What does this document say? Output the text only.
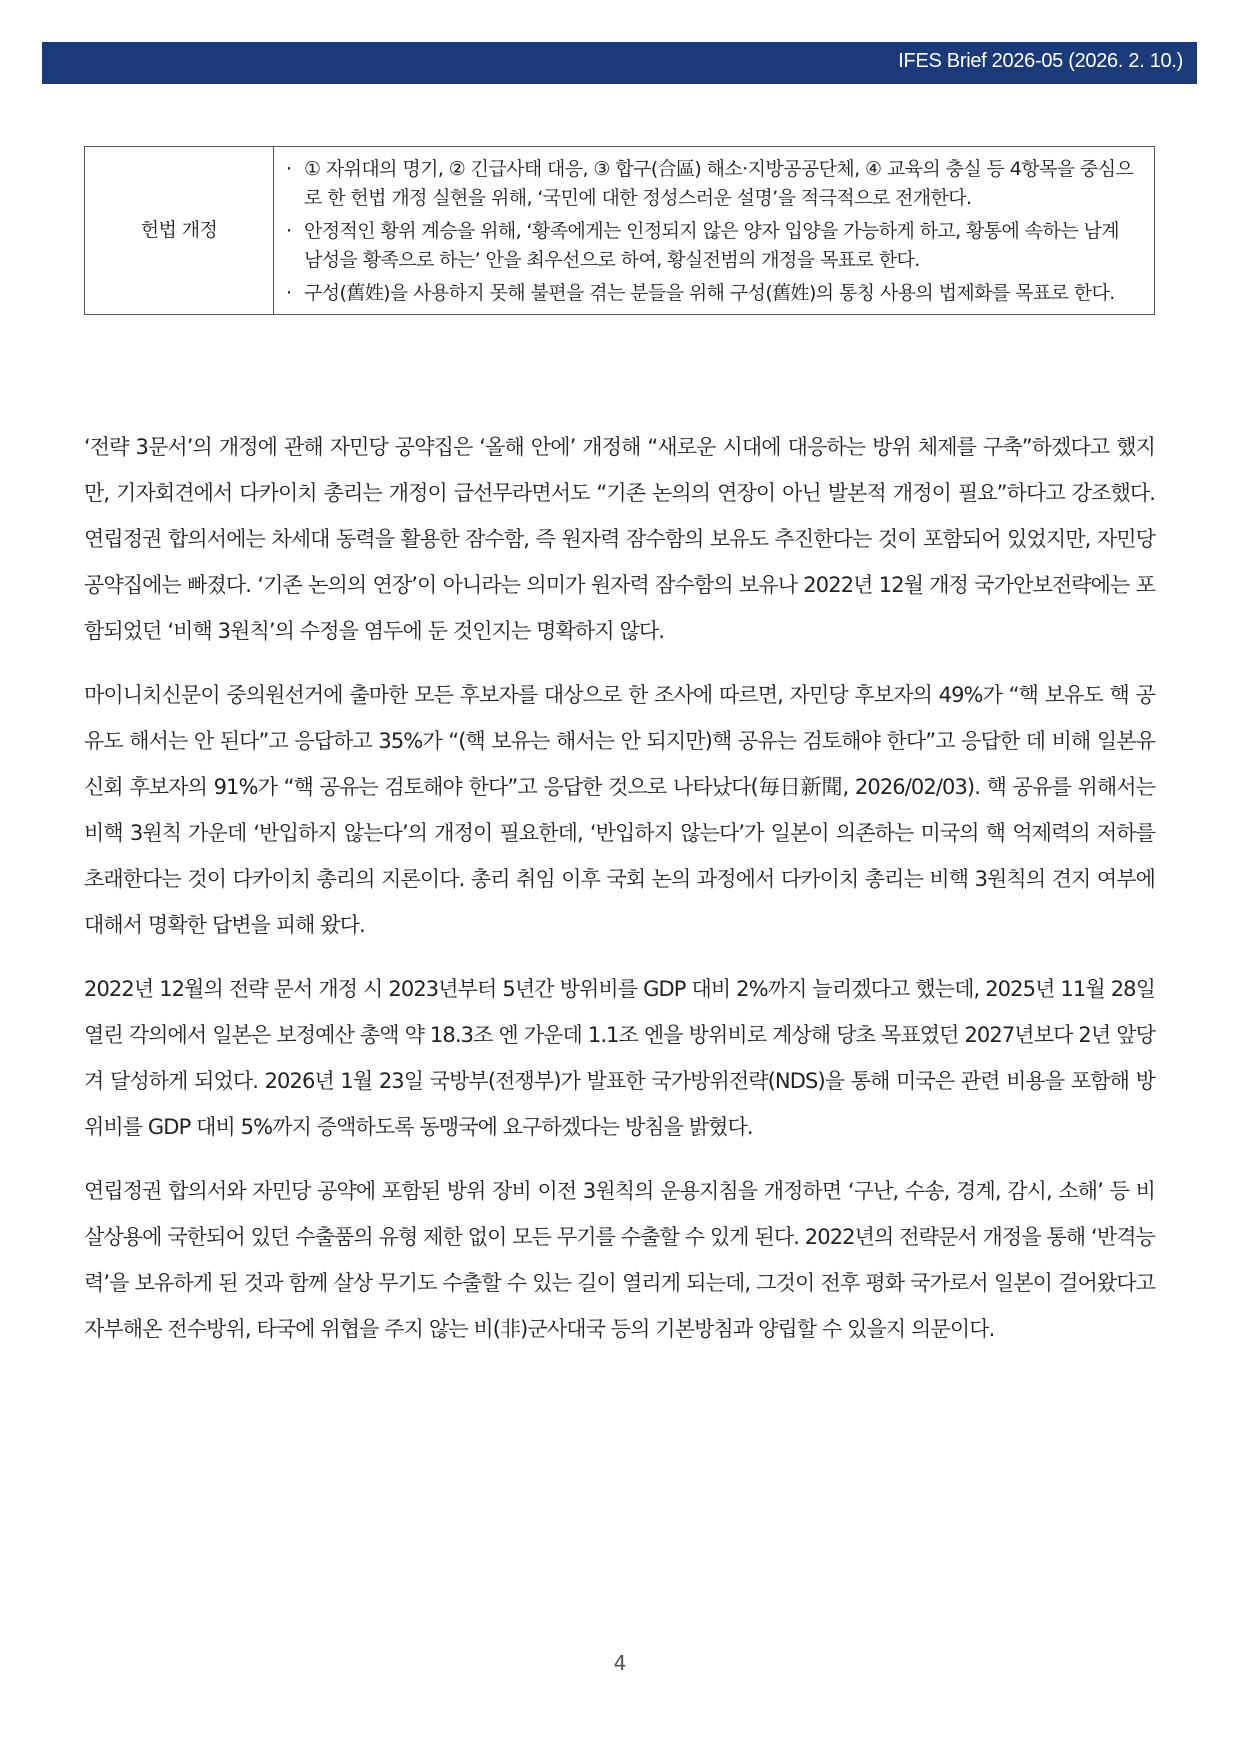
IFES Brief 2026-05 (2026. 2. 10.)
헌법 개정	
· ① 자위대의 명기, ② 긴급사태 대응, ③ 합구(合區) 해소·지방공공단체, ④ 교육의 충실 등 4항목을 중심으로 한 헌법 개정 실현을 위해, ‘국민에 대한 정성스러운 설명’을 적극적으로 전개한다.
· 안정적인 황위 계승을 위해, ‘황족에게는 인정되지 않은 양자 입양을 가능하게 하고, 황통에 속하는 남계 남성을 황족으로 하는’ 안을 최우선으로 하여, 황실전범의 개정을 목표로 한다.
· 구성(舊姓)을 사용하지 못해 불편을 겪는 분들을 위해 구성(舊姓)의 통칭 사용의 법제화를 목표로 한다.

‘전략 3문서’의 개정에 관해 자민당 공약집은 ‘올해 안에’ 개정해 “새로운 시대에 대응하는 방위 체제를 구축”하겠다고 했지만, 기자회견에서 다카이치 총리는 개정이 급선무라면서도 “기존 논의의 연장이 아닌 발본적 개정이 필요”하다고 강조했다. 연립정권 합의서에는 차세대 동력을 활용한 잠수함, 즉 원자력 잠수함의 보유도 추진한다는 것이 포함되어 있었지만, 자민당 공약집에는 빠졌다. ‘기존 논의의 연장’이 아니라는 의미가 원자력 잠수함의 보유나 2022년 12월 개정 국가안보전략에는 포함되었던 ‘비핵 3원칙’의 수정을 염두에 둔 것인지는 명확하지 않다.

마이니치신문이 중의원선거에 출마한 모든 후보자를 대상으로 한 조사에 따르면, 자민당 후보자의 49%가 “핵 보유도 핵 공유도 해서는 안 된다”고 응답하고 35%가 “(핵 보유는 해서는 안 되지만)핵 공유는 검토해야 한다”고 응답한 데 비해 일본유신회 후보자의 91%가 “핵 공유는 검토해야 한다”고 응답한 것으로 나타났다(毎日新聞, 2026/02/03). 핵 공유를 위해서는 비핵 3원칙 가운데 ‘반입하지 않는다’의 개정이 필요한데, ‘반입하지 않는다’가 일본이 의존하는 미국의 핵 억제력의 저하를 초래한다는 것이 다카이치 총리의 지론이다. 총리 취임 이후 국회 논의 과정에서 다카이치 총리는 비핵 3원칙의 견지 여부에 대해서 명확한 답변을 피해 왔다.

2022년 12월의 전략 문서 개정 시 2023년부터 5년간 방위비를 GDP 대비 2%까지 늘리겠다고 했는데, 2025년 11월 28일 열린 각의에서 일본은 보정예산 총액 약 18.3조 엔 가운데 1.1조 엔을 방위비로 계상해 당초 목표였던 2027년보다 2년 앞당겨 달성하게 되었다. 2026년 1월 23일 국방부(전쟁부)가 발표한 국가방위전략(NDS)을 통해 미국은 관련 비용을 포함해 방위비를 GDP 대비 5%까지 증액하도록 동맹국에 요구하겠다는 방침을 밝혔다.

연립정권 합의서와 자민당 공약에 포함된 방위 장비 이전 3원칙의 운용지침을 개정하면 ‘구난, 수송, 경계, 감시, 소해’ 등 비살상용에 국한되어 있던 수출품의 유형 제한 없이 모든 무기를 수출할 수 있게 된다. 2022년의 전략문서 개정을 통해 ‘반격능력’을 보유하게 된 것과 함께 살상 무기도 수출할 수 있는 길이 열리게 되는데, 그것이 전후 평화 국가로서 일본이 걸어왔다고 자부해온 전수방위, 타국에 위협을 주지 않는 비(非)군사대국 등의 기본방침과 양립할 수 있을지 의문이다.

4
